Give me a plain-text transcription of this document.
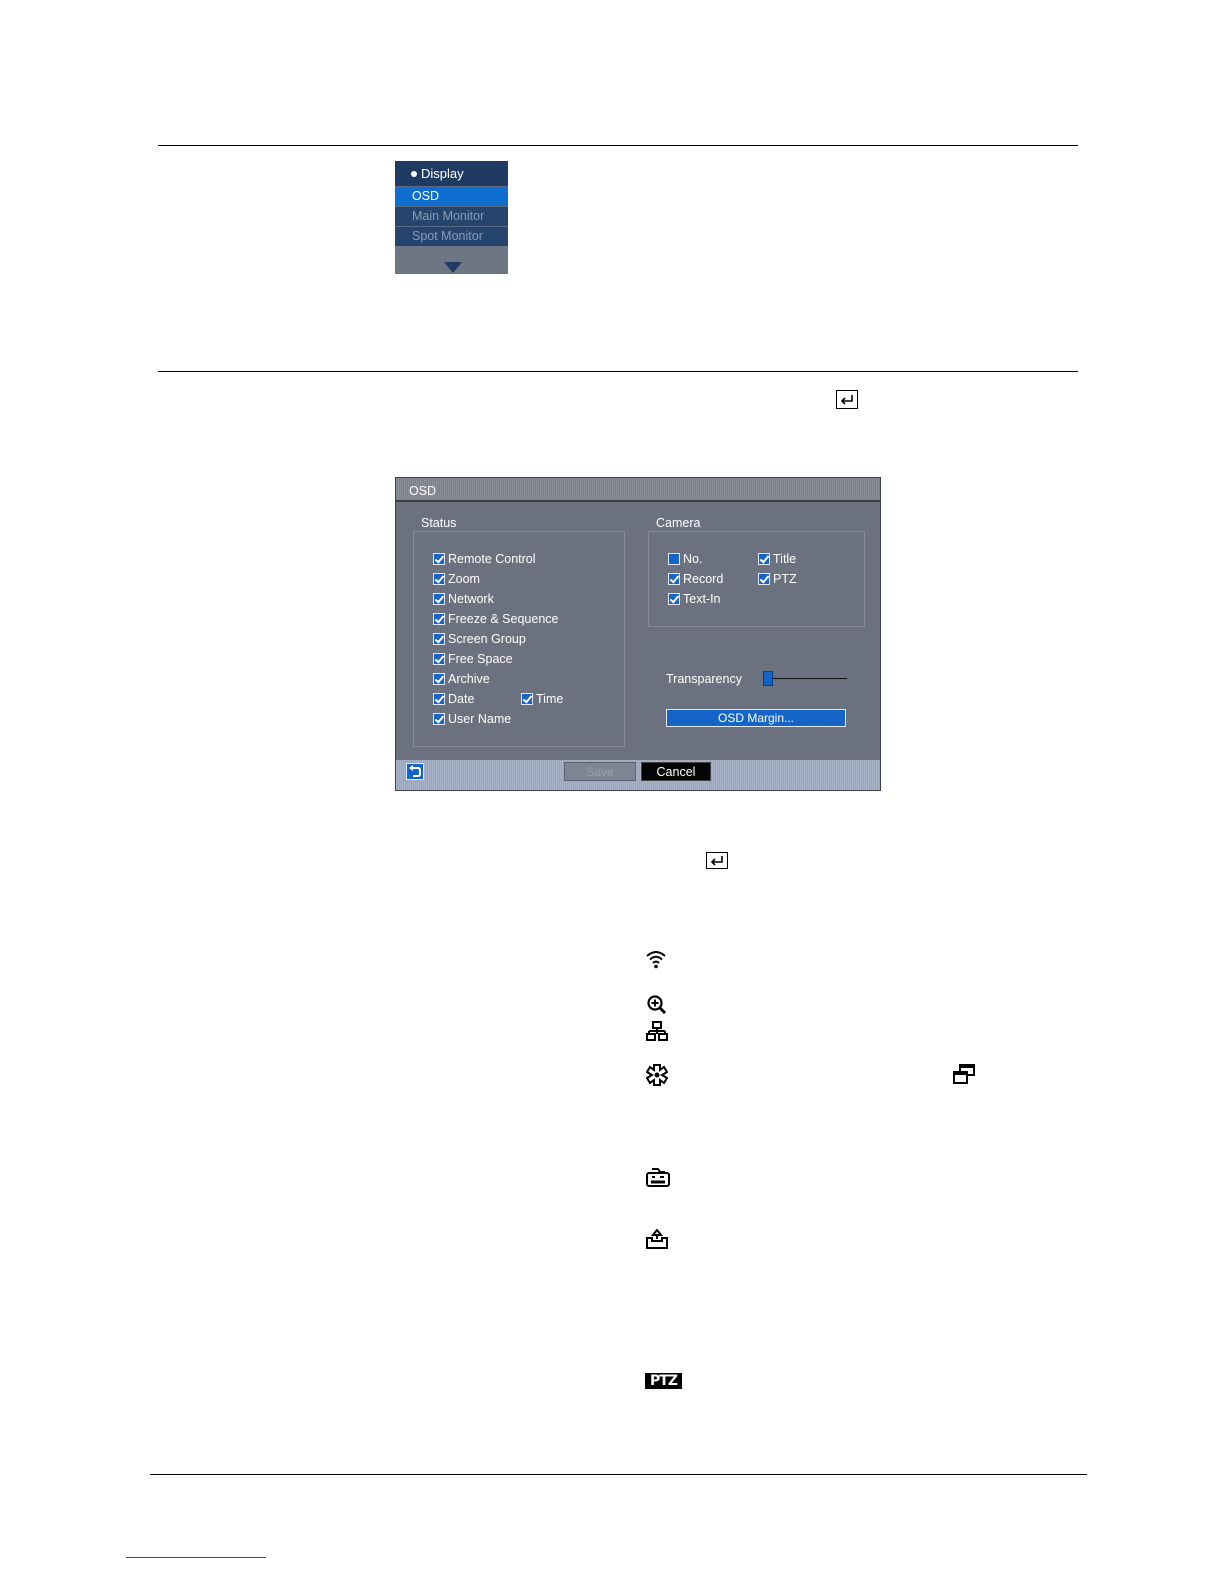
Display
OSD
Main Monitor
Spot Monitor
OSD
Status	Camera
Remote Control
Zoom
Network
Freeze & Sequence
Screen Group
Free Space
Archive
Date	Time
User Name
No.	Title
Record	PTZ
Text-In
Transparency
OSD Margin...
Save	Cancel
PTZ
